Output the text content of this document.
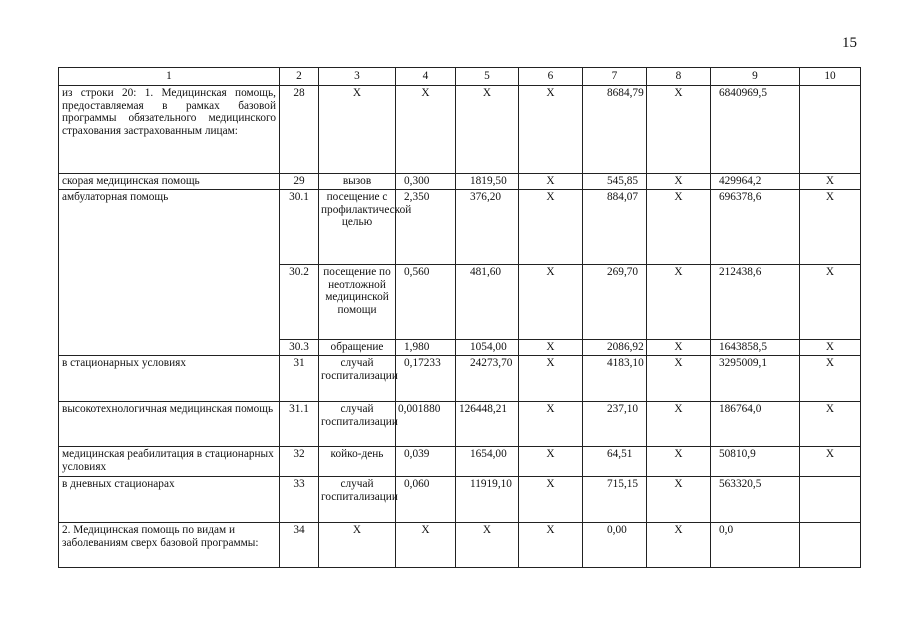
15
1	2	3	4	5	6	7	8	9	10
из строки 20: 1. Медицинская помощь, предоставляемая в рамках базовой программы обязательного медицинского страхования застрахованным лицам:	28	Х	Х	Х	Х	8684,79	Х	6840969,5	
скорая медицинская помощь	29	вызов	0,300	1819,50	Х	545,85	Х	429964,2	Х
амбулаторная помощь	30.1	посещение с профилактической целью	2,350	376,20	Х	884,07	Х	696378,6	Х
	30.2	посещение по неотложной медицинской помощи	0,560	481,60	Х	269,70	Х	212438,6	Х
	30.3	обращение	1,980	1054,00	Х	2086,92	Х	1643858,5	Х
в стационарных условиях	31	случай госпитализации	0,17233	24273,70	Х	4183,10	Х	3295009,1	Х
высокотехнологичная медицинская помощь	31.1	случай госпитализации	0,001880	126448,21	Х	237,10	Х	186764,0	Х
медицинская реабилитация в стационарных условиях	32	койко-день	0,039	1654,00	Х	64,51	Х	50810,9	Х
в дневных стационарах	33	случай госпитализации	0,060	11919,10	Х	715,15	Х	563320,5	
2. Медицинская помощь по видам и заболеваниям сверх базовой программы:	34	Х	Х	Х	Х	0,00	Х	0,0	
